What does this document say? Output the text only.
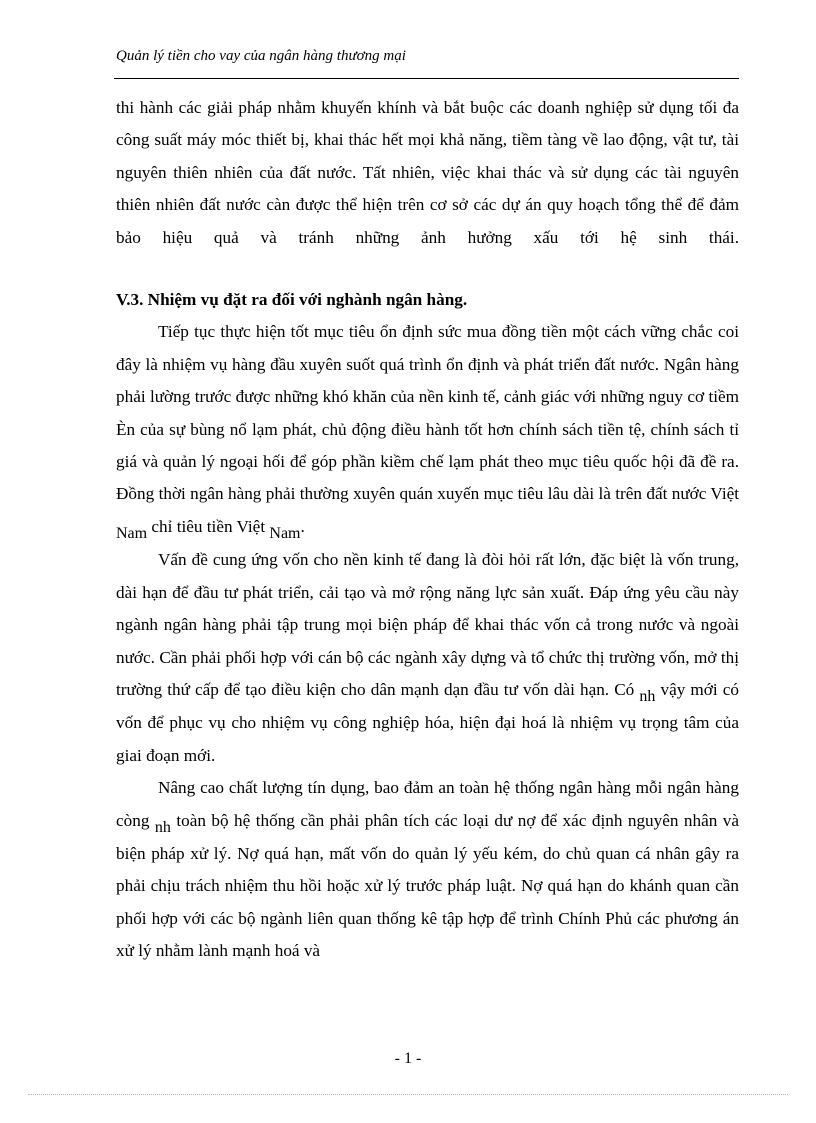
Quản lý tiền cho vay của ngân hàng thương mại

thi hành các giải pháp nhằm khuyến khính và bắt buộc các doanh nghiệp sử dụng tối đa công suất máy móc thiết bị, khai thác hết mọi khả năng, tiềm tàng về lao động, vật tư, tài nguyên thiên nhiên của đất nước. Tất nhiên, việc khai thác và sử dụng các tài nguyên thiên nhiên đất nước càn được thể hiện trên cơ sở các dự án quy hoạch tổng thể để đảm bảo hiệu quả và tránh những ảnh hưởng xấu tới hệ sinh thái.

V.3. Nhiệm vụ đặt ra đối với nghành ngân hàng.

Tiếp tục thực hiện tốt mục tiêu ổn định sức mua đồng tiền một cách vững chắc coi đây là nhiệm vụ hàng đầu xuyên suốt quá trình ổn định và phát triển đất nước. Ngân hàng phải lường trước được những khó khăn của nền kinh tế, cảnh giác với những nguy cơ tiềm Èn của sự bùng nổ lạm phát, chủ động điều hành tốt hơn chính sách tiền tệ, chính sách tỉ giá và quản lý ngoại hối để góp phần kiềm chế lạm phát theo mục tiêu quốc hội đã đề ra. Đồng thời ngân hàng phải thường xuyên quán xuyến mục tiêu lâu dài là trên đất nước Việt Nam chỉ tiêu tiền Việt Nam.

Vấn đề cung ứng vốn cho nền kinh tế đang là đòi hỏi rất lớn, đặc biệt là vốn trung, dài hạn để đầu tư phát triển, cải tạo và mở rộng năng lực sản xuất. Đáp ứng yêu cầu này ngành ngân hàng phải tập trung mọi biện pháp để khai thác vốn cả trong nước và ngoài nước. Cần phải phối hợp với cán bộ các ngành xây dựng và tổ chức thị trường vốn, mở thị trường thứ cấp để tạo điều kiện cho dân mạnh dạn đầu tư vốn dài hạn. Có nh vậy mới có vốn để phục vụ cho nhiệm vụ công nghiệp hóa, hiện đại hoá là nhiệm vụ trọng tâm của giai đoạn mới.

Nâng cao chất lượng tín dụng, bao đảm an toàn hệ thống ngân hàng mỗi ngân hàng còng nh toàn bộ hệ thống cần phải phân tích các loại dư nợ để xác định nguyên nhân và biện pháp xử lý. Nợ quá hạn, mất vốn do quản lý yếu kém, do chủ quan cá nhân gây ra phải chịu trách nhiệm thu hồi hoặc xử lý trước pháp luật. Nợ quá hạn do khánh quan cần phối hợp với các bộ ngành liên quan thống kê tập hợp để trình Chính Phủ các phương án xử lý nhằm lành mạnh hoá và

- 1 -
